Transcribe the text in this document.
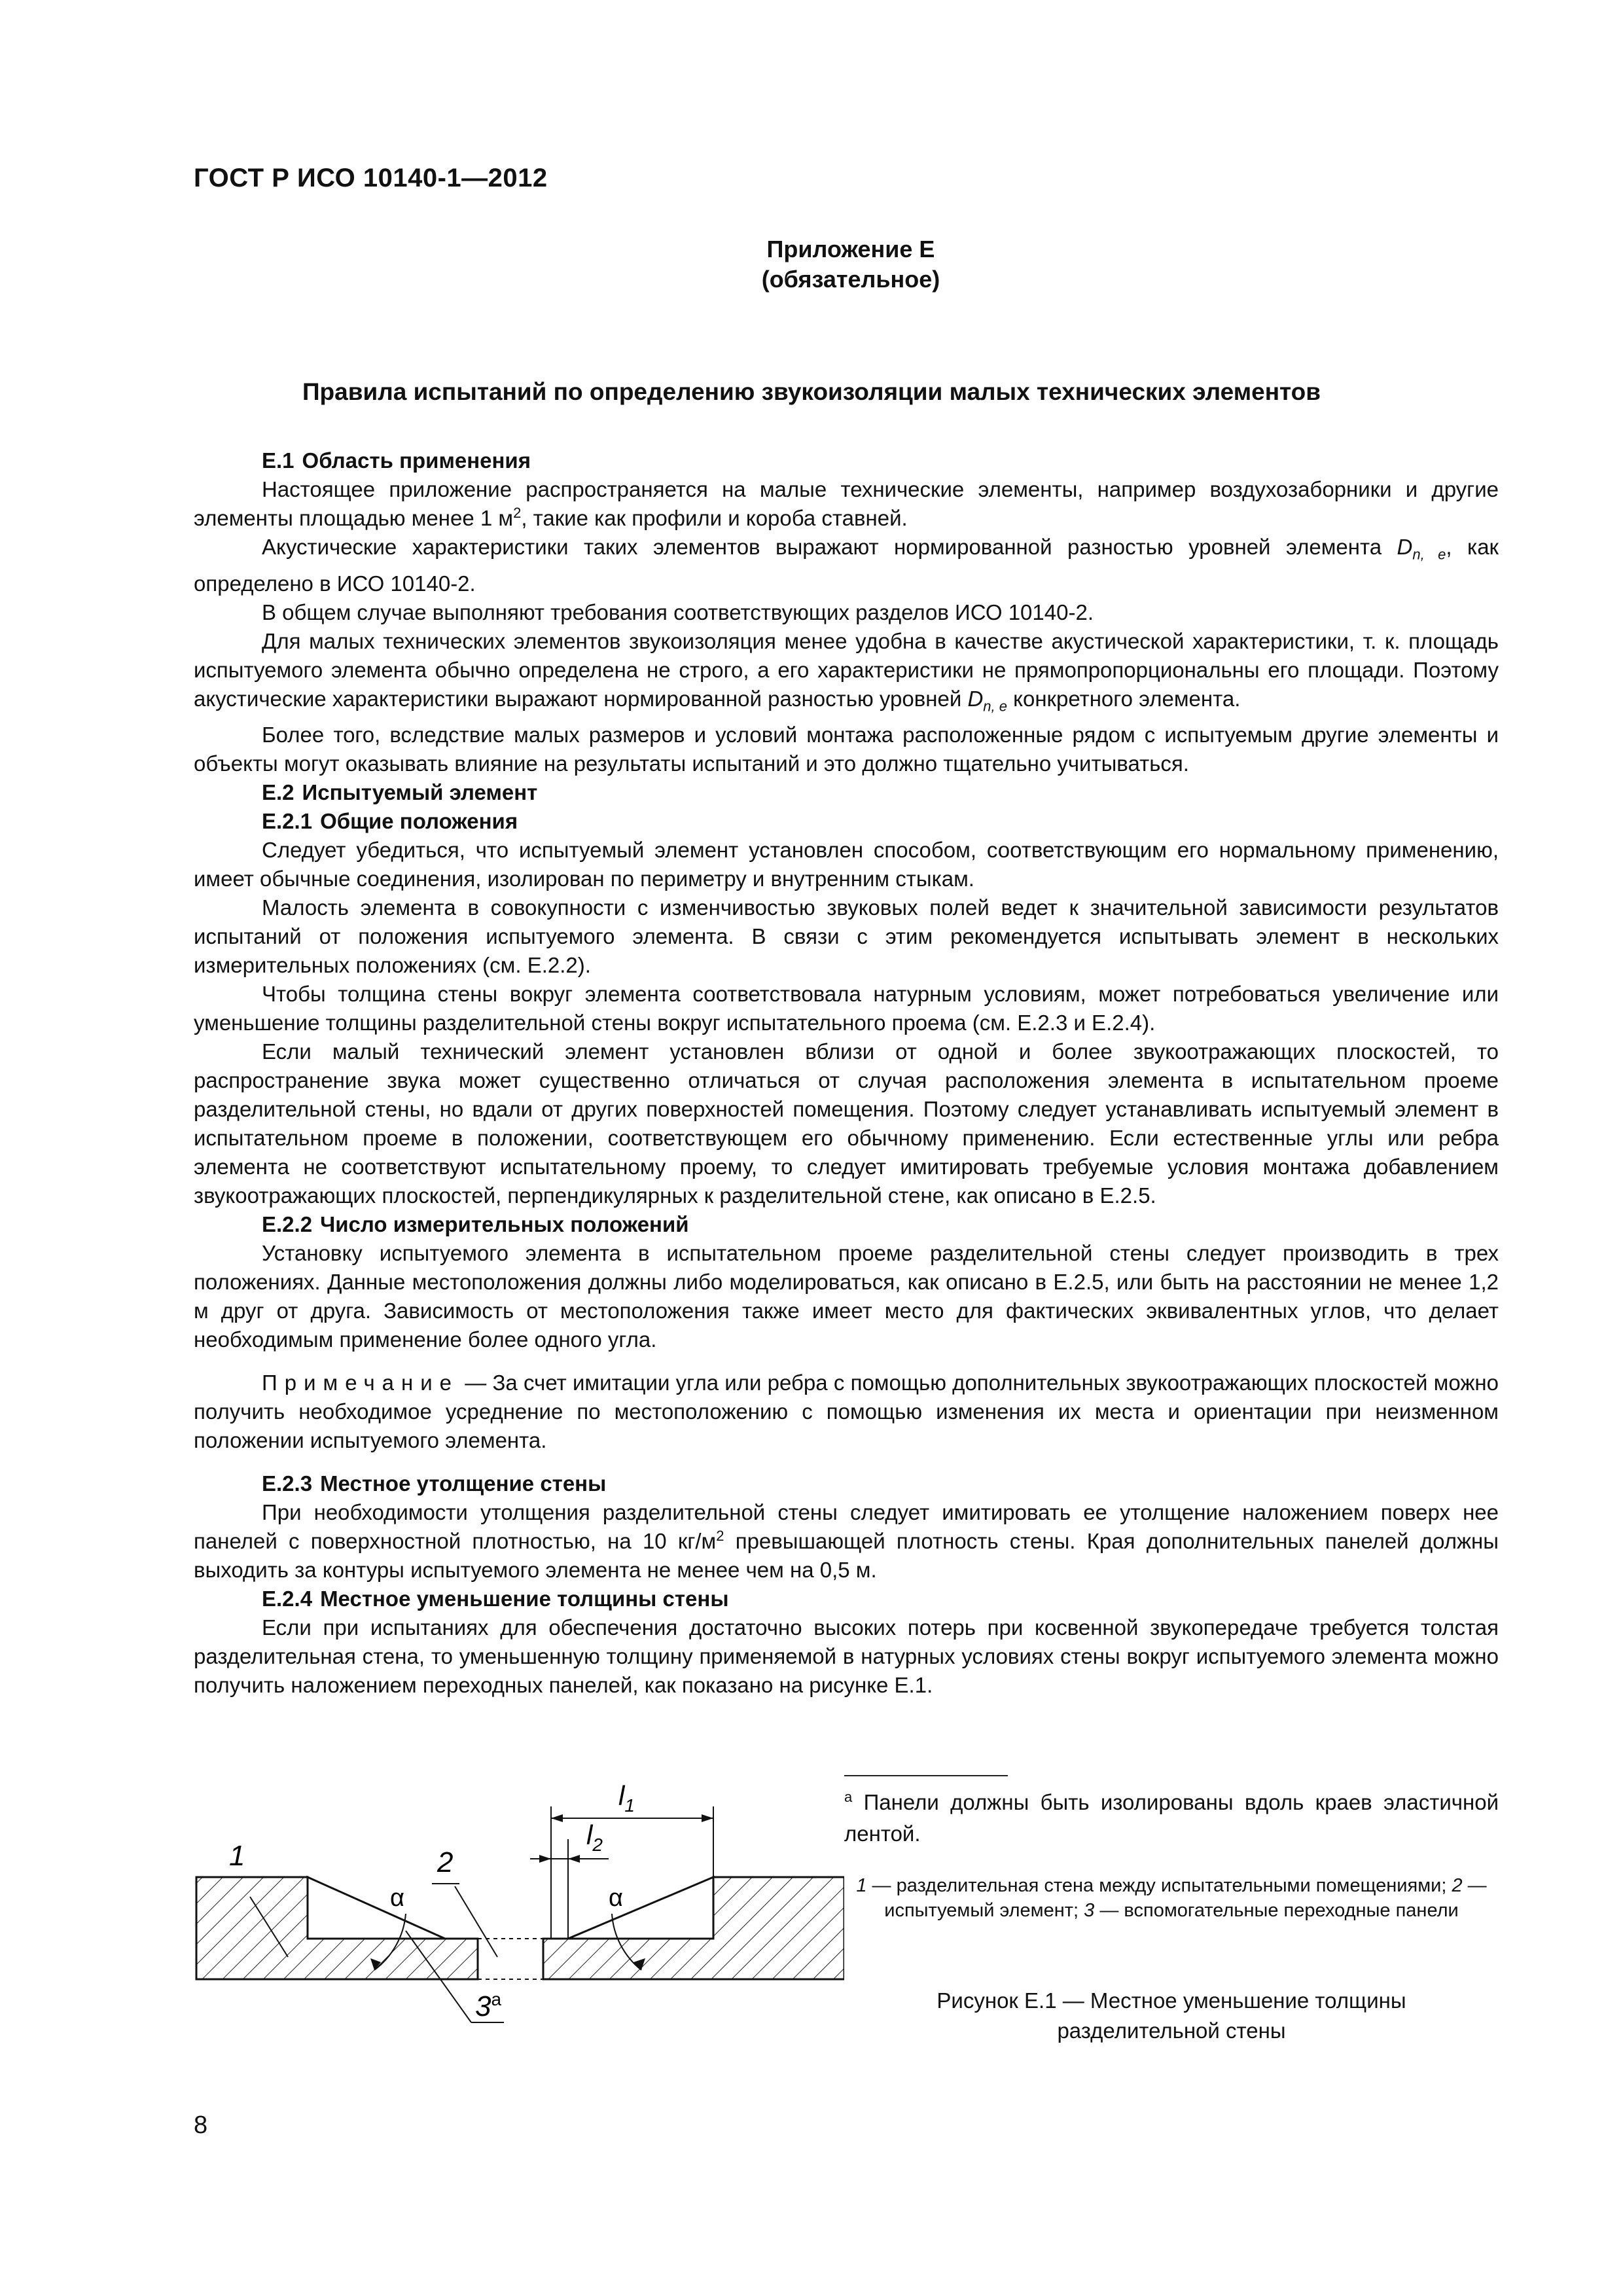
ГОСТ Р ИСО 10140-1—2012
Приложение Е
(обязательное)
Правила испытаний по определению звукоизоляции малых технических элементов
Е.1 Область применения

Настоящее приложение распространяется на малые технические элементы, например воздухозаборники и другие элементы площадью менее 1 $м^2$, такие как профили и короба ставней.

Акустические характеристики таких элементов выражают нормированной разностью уровней элемента $D_{n, e}$, как определено в ИСО 10140-2.

В общем случае выполняют требования соответствующих разделов ИСО 10140-2.

Для малых технических элементов звукоизоляция менее удобна в качестве акустической характеристики, т. к. площадь испытуемого элемента обычно определена не строго, а его характеристики не прямопропорциональны его площади. Поэтому акустические характеристики выражают нормированной разностью уровней $D_{n, e}$ конкретного элемента.

Более того, вследствие малых размеров и условий монтажа расположенные рядом с испытуемым другие элементы и объекты могут оказывать влияние на результаты испытаний и это должно тщательно учитываться.

Е.2 Испытуемый элемент
Е.2.1 Общие положения

Следует убедиться, что испытуемый элемент установлен способом, соответствующим его нормальному применению, имеет обычные соединения, изолирован по периметру и внутренним стыкам.

Малость элемента в совокупности с изменчивостью звуковых полей ведет к значительной зависимости результатов испытаний от положения испытуемого элемента. В связи с этим рекомендуется испытывать элемент в нескольких измерительных положениях (см. Е.2.2).

Чтобы толщина стены вокруг элемента соответствовала натурным условиям, может потребоваться увеличение или уменьшение толщины разделительной стены вокруг испытательного проема (см. Е.2.3 и Е.2.4).

Если малый технический элемент установлен вблизи от одной и более звукоотражающих плоскостей, то распространение звука может существенно отличаться от случая расположения элемента в испытательном проеме разделительной стены, но вдали от других поверхностей помещения. Поэтому следует устанавливать испытуемый элемент в испытательном проеме в положении, соответствующем его обычному применению. Если естественные углы или ребра элемента не соответствуют испытательному проему, то следует имитировать требуемые условия монтажа добавлением звукоотражающих плоскостей, перпендикулярных к разделительной стене, как описано в Е.2.5.

Е.2.2 Число измерительных положений

Установку испытуемого элемента в испытательном проеме разделительной стены следует производить в трех положениях. Данные местоположения должны либо моделироваться, как описано в Е.2.5, или быть на расстоянии не менее 1,2 м друг от друга. Зависимость от местоположения также имеет место для фактических эквивалентных углов, что делает необходимым применение более одного угла.

Примечание — За счет имитации угла или ребра с помощью дополнительных звукоотражающих плоскостей можно получить необходимое усреднение по местоположению с помощью изменения их места и ориентации при неизменном положении испытуемого элемента.

Е.2.3 Местное утолщение стены

При необходимости утолщения разделительной стены следует имитировать ее утолщение наложением поверх нее панелей с поверхностной плотностью, на 10 $кг/м^2$ превышающей плотность стены. Края дополнительных панелей должны выходить за контуры испытуемого элемента не менее чем на 0,5 м.

Е.2.4 Местное уменьшение толщины стены

Если при испытаниях для обеспечения достаточно высоких потерь при косвенной звукопередаче требуется толстая разделительная стена, то уменьшенную толщину применяемой в натурных условиях стены вокруг испытуемого элемента можно получить наложением переходных панелей, как показано на рисунке Е.1.

1	2
$3^а$
$l_1$
$l_2$
α	α
$^а$ Панели должны быть изолированы вдоль краев эластичной лентой.
1 — разделительная стена между испытательными помещениями; 2 — испытуемый элемент; 3 — вспомогательные переходные панели
Рисунок Е.1 — Местное уменьшение толщины
разделительной стены
8
